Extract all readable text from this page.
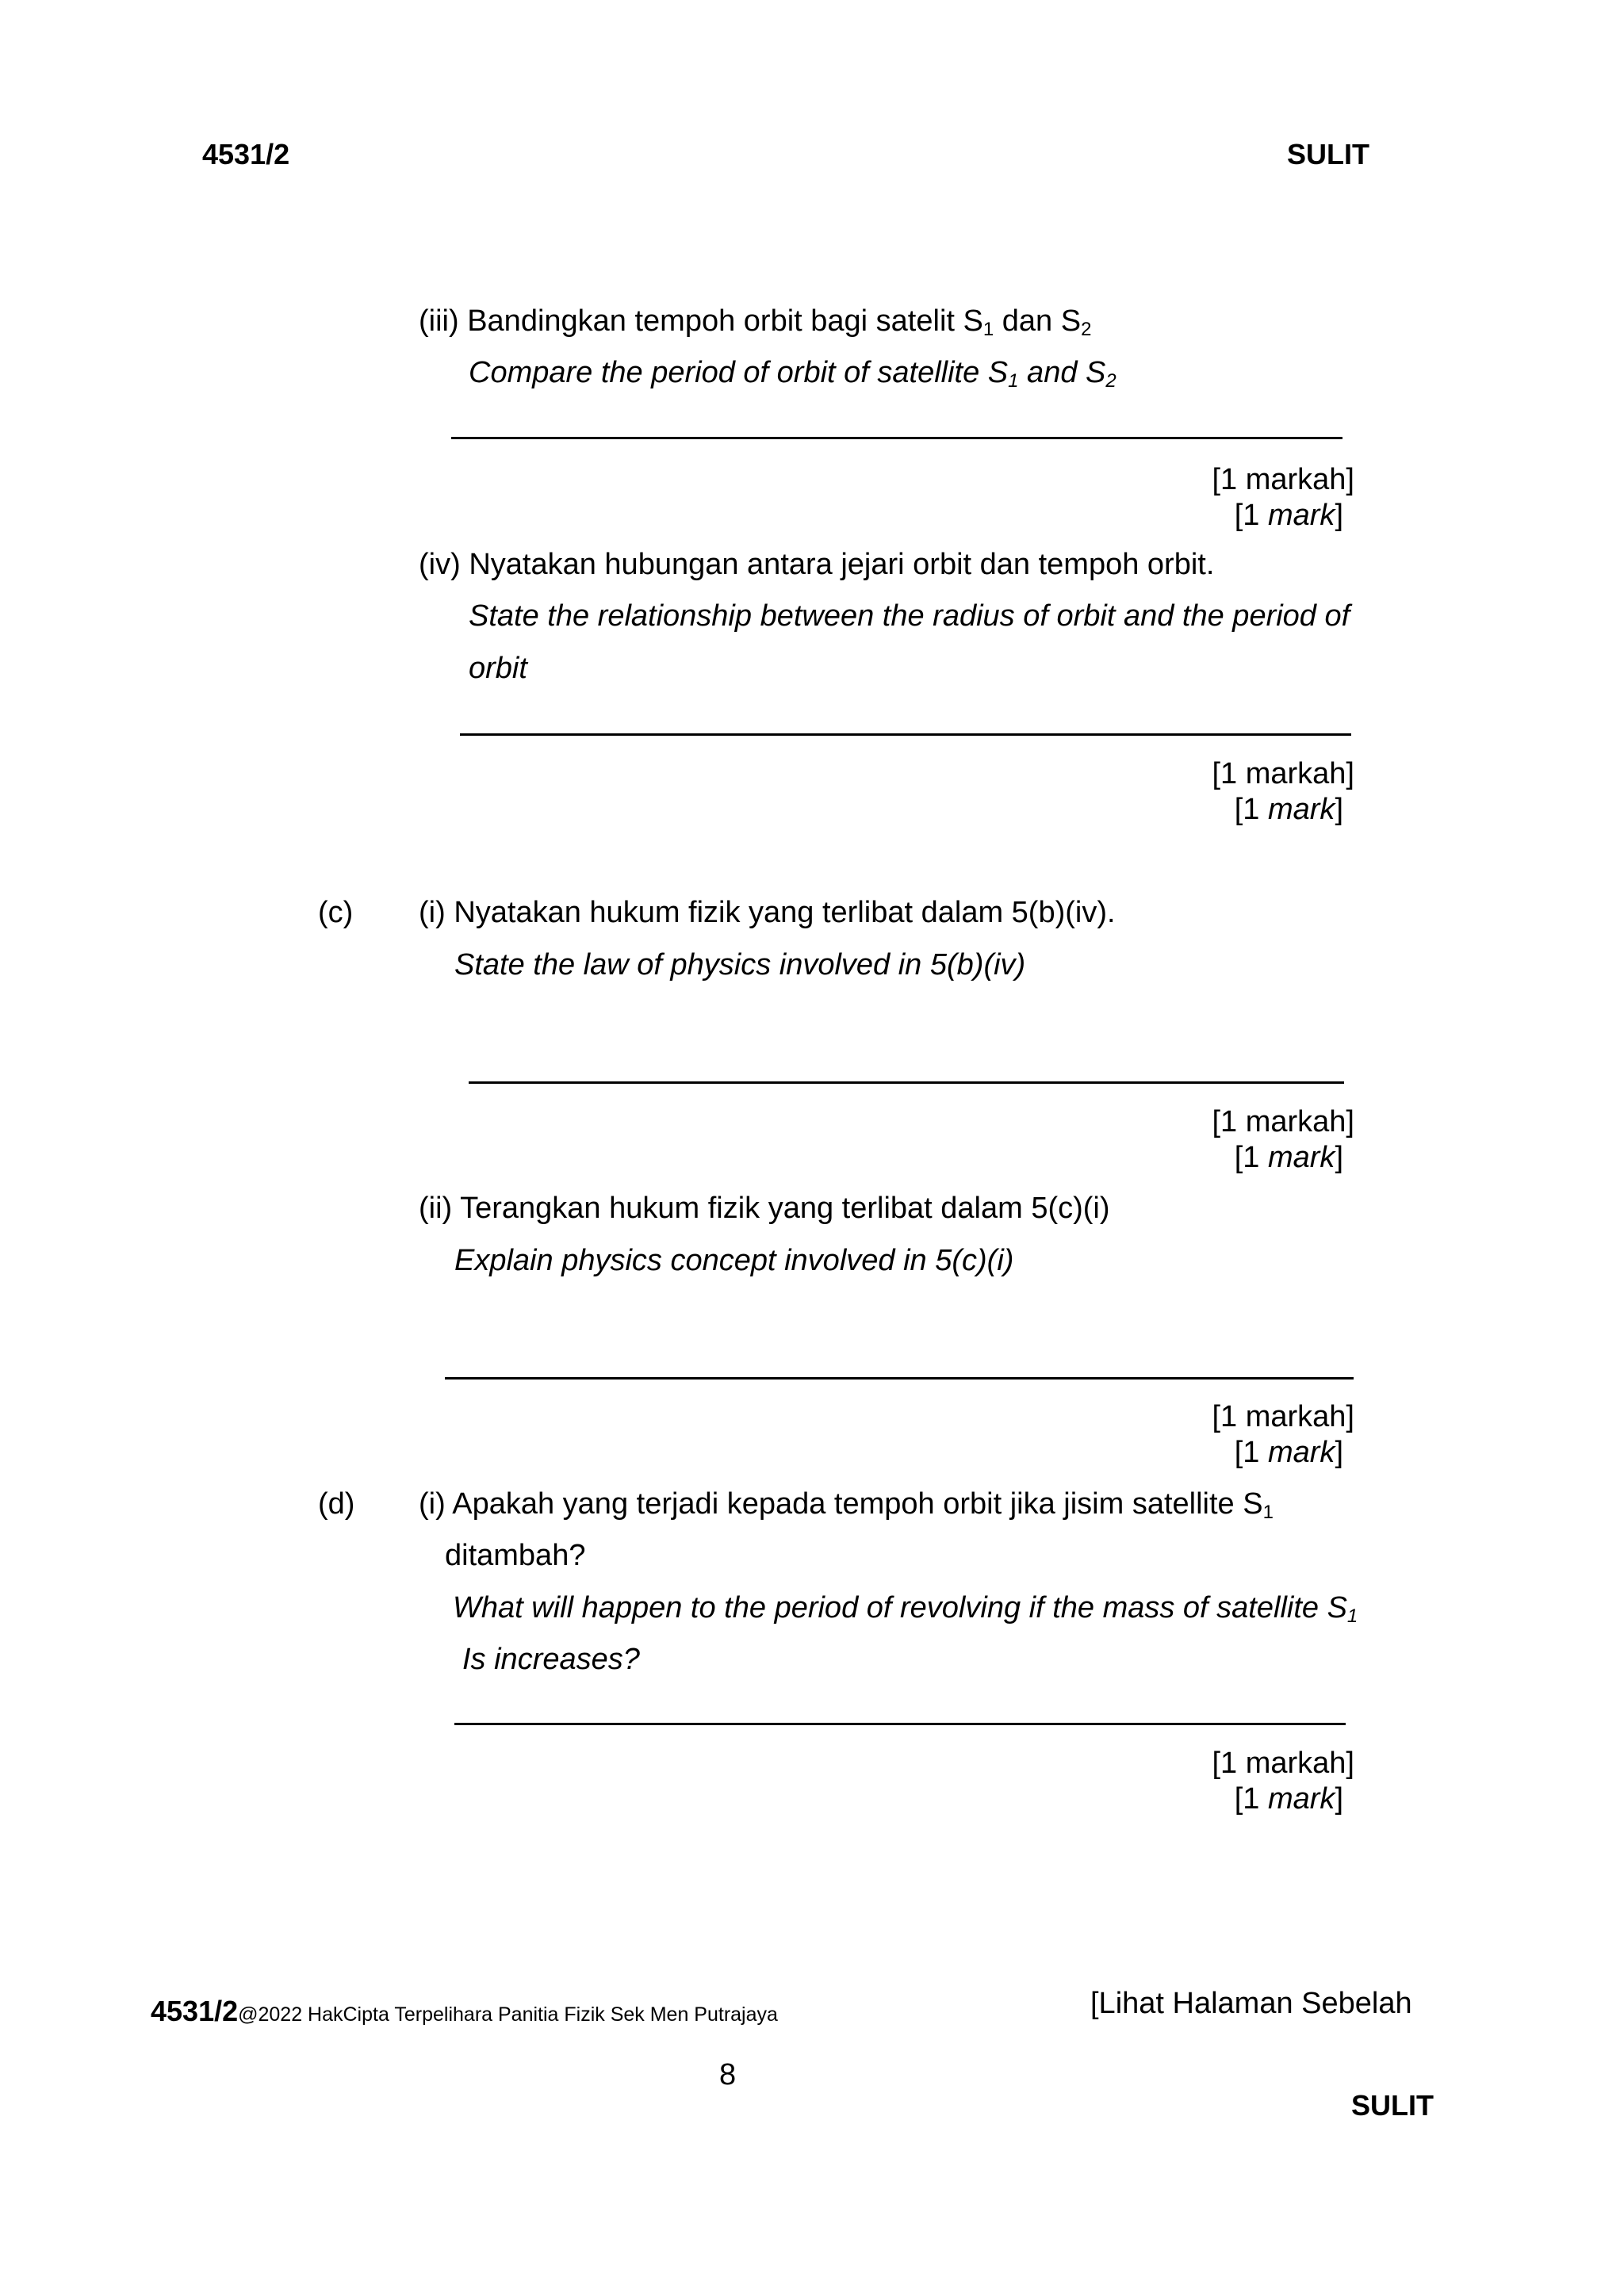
4531/2	SULIT
(iii) Bandingkan tempoh orbit bagi satelit $S_1$ dan $S_2$
Compare the period of orbit of satellite $S_1$ and $S_2$
[1 markah]
[1 mark]
(iv) Nyatakan hubungan antara jejari orbit dan tempoh orbit.
State the relationship between the radius of orbit and the period of
orbit
[1 markah]
[1 mark]
(c) (i) Nyatakan hukum fizik yang terlibat dalam 5(b)(iv).
State the law of physics involved in 5(b)(iv)
[1 markah]
[1 mark]
(ii) Terangkan hukum fizik yang terlibat dalam 5(c)(i)
Explain physics concept involved in 5(c)(i)
[1 markah]
[1 mark]
(d) (i) Apakah yang terjadi kepada tempoh orbit jika jisim satellite $S_1$
ditambah?
What will happen to the period of revolving if the mass of satellite $S_1$
Is increases?
[1 markah]
[1 mark]
4531/2@2022 HakCipta Terpelihara Panitia Fizik Sek Men Putrajaya	[Lihat Halaman Sebelah
8
SULIT
